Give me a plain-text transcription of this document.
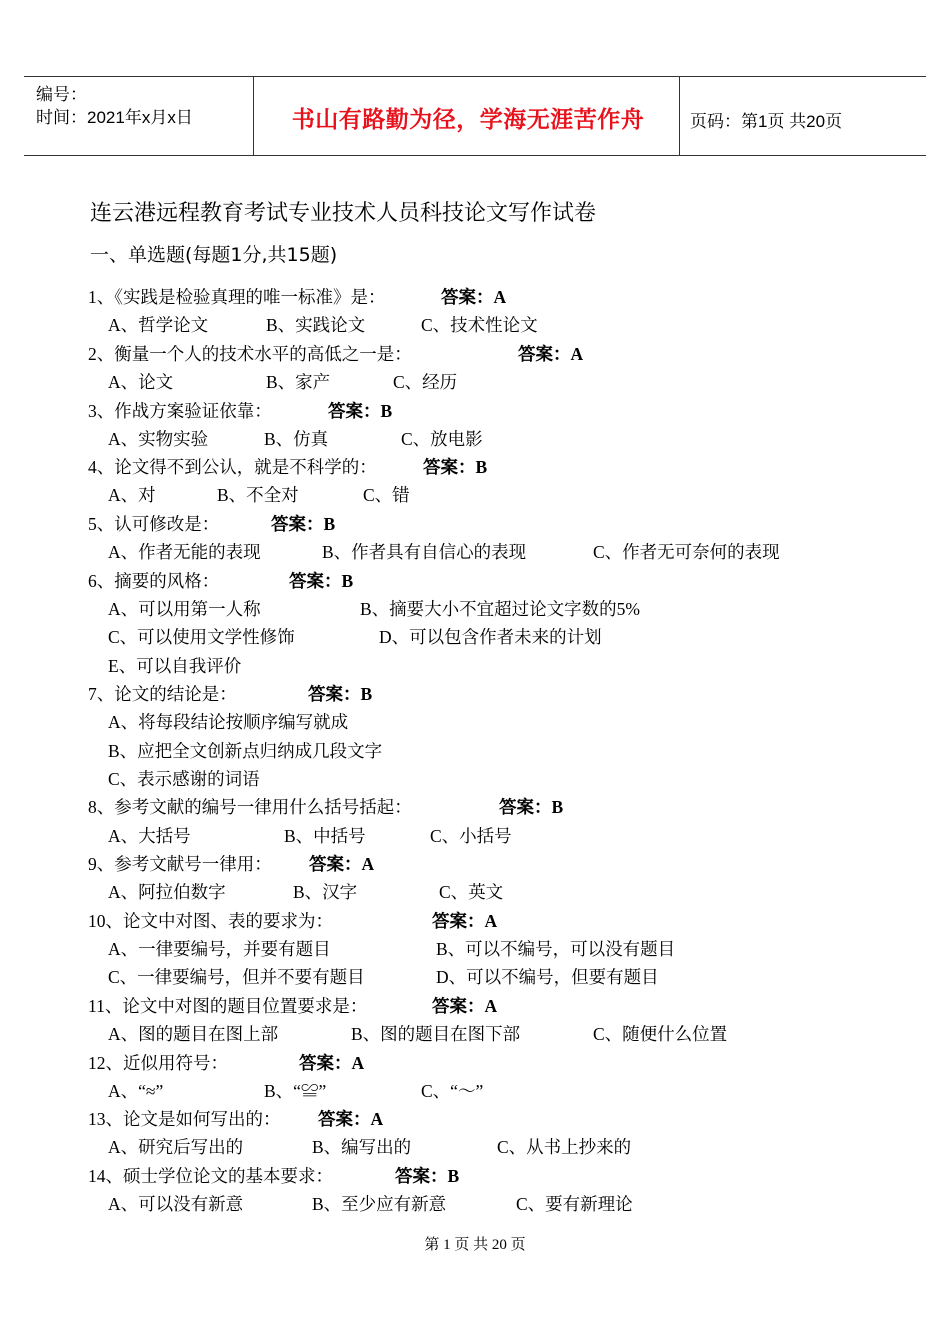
编号：
时间：2021年x月x日	书山有路勤为径，学海无涯苦作舟	页码：第1页 共20页
连云港远程教育考试专业技术人员科技论文写作试卷
一、单选题(每题1分,共15题)
1、《实践是检验真理的唯一标准》是：	答案：A
A、哲学论文	B、实践论文	C、技术性论文
2、衡量一个人的技术水平的高低之一是：	答案：A
A、论文	B、家产	C、经历
3、作战方案验证依靠：	答案：B
A、实物实验	B、仿真	C、放电影
4、论文得不到公认，就是不科学的：	答案：B
A、对	B、不全对	C、错
5、认可修改是：	答案：B
A、作者无能的表现	B、作者具有自信心的表现	C、作者无可奈何的表现
6、摘要的风格：	答案：B
A、可以用第一人称	B、摘要大小不宜超过论文字数的5%
C、可以使用文学性修饰	D、可以包含作者未来的计划
E、可以自我评价
7、论文的结论是：	答案：B
A、将每段结论按顺序编写就成
B、应把全文创新点归纳成几段文字
C、表示感谢的词语
8、参考文献的编号一律用什么括号括起：	答案：B
A、大括号	B、中括号	C、小括号
9、参考文献号一律用： 答案：A
A、阿拉伯数字	B、汉字	C、英文
10、论文中对图、表的要求为：	答案：A
A、一律要编号，并要有题目	B、可以不编号，可以没有题目
C、一律要编号，但并不要有题目	D、可以不编号，但要有题目
11、论文中对图的题目位置要求是：	答案：A
A、图的题目在图上部	B、图的题目在图下部	C、随便什么位置
12、近似用符号：	答案：A
A、“≈”	B、“≌”	C、“～”
13、论文是如何写出的： 答案：A
A、研究后写出的	B、编写出的	C、从书上抄来的
14、硕士学位论文的基本要求：	答案：B
A、可以没有新意	B、至少应有新意	C、要有新理论
第 1 页 共 20 页
